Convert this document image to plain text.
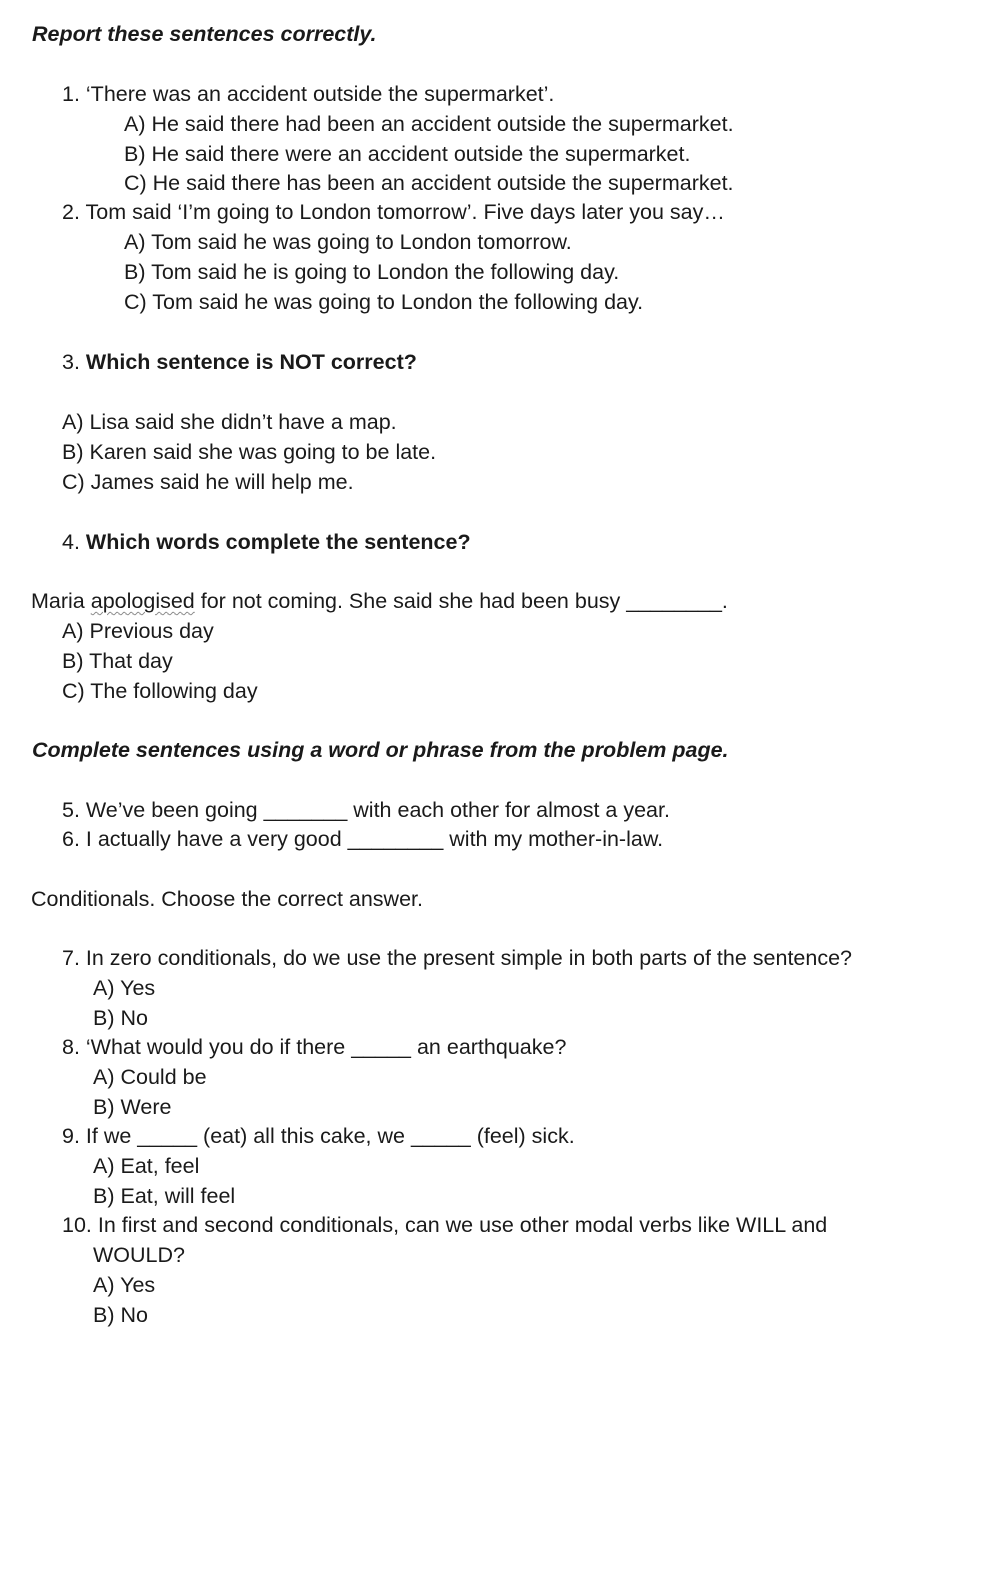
Report these sentences correctly.
1. ‘There was an accident outside the supermarket’.
A) He said there had been an accident outside the supermarket.
B) He said there were an accident outside the supermarket.
C) He said there has been an accident outside the supermarket.
2. Tom said ‘I’m going to London tomorrow’. Five days later you say…
A) Tom said he was going to London tomorrow.
B) Tom said he is going to London the following day.
C) Tom said he was going to London the following day.
3. Which sentence is NOT correct?
A) Lisa said she didn’t have a map.
B) Karen said she was going to be late.
C) James said he will help me.
4. Which words complete the sentence?
Maria apologised for not coming. She said she had been busy ________.
A) Previous day
B) That day
C) The following day
Complete sentences using a word or phrase from the problem page.
5. We’ve been going _______ with each other for almost a year.
6. I actually have a very good ________ with my mother-in-law.
Conditionals. Choose the correct answer.
7. In zero conditionals, do we use the present simple in both parts of the sentence?
A) Yes
B) No
8. ‘What would you do if there _____ an earthquake?
A) Could be
B) Were
9. If we _____ (eat) all this cake, we _____ (feel) sick.
A) Eat, feel
B) Eat, will feel
10. In first and second conditionals, can we use other modal verbs like WILL and
WOULD?
A) Yes
B) No
